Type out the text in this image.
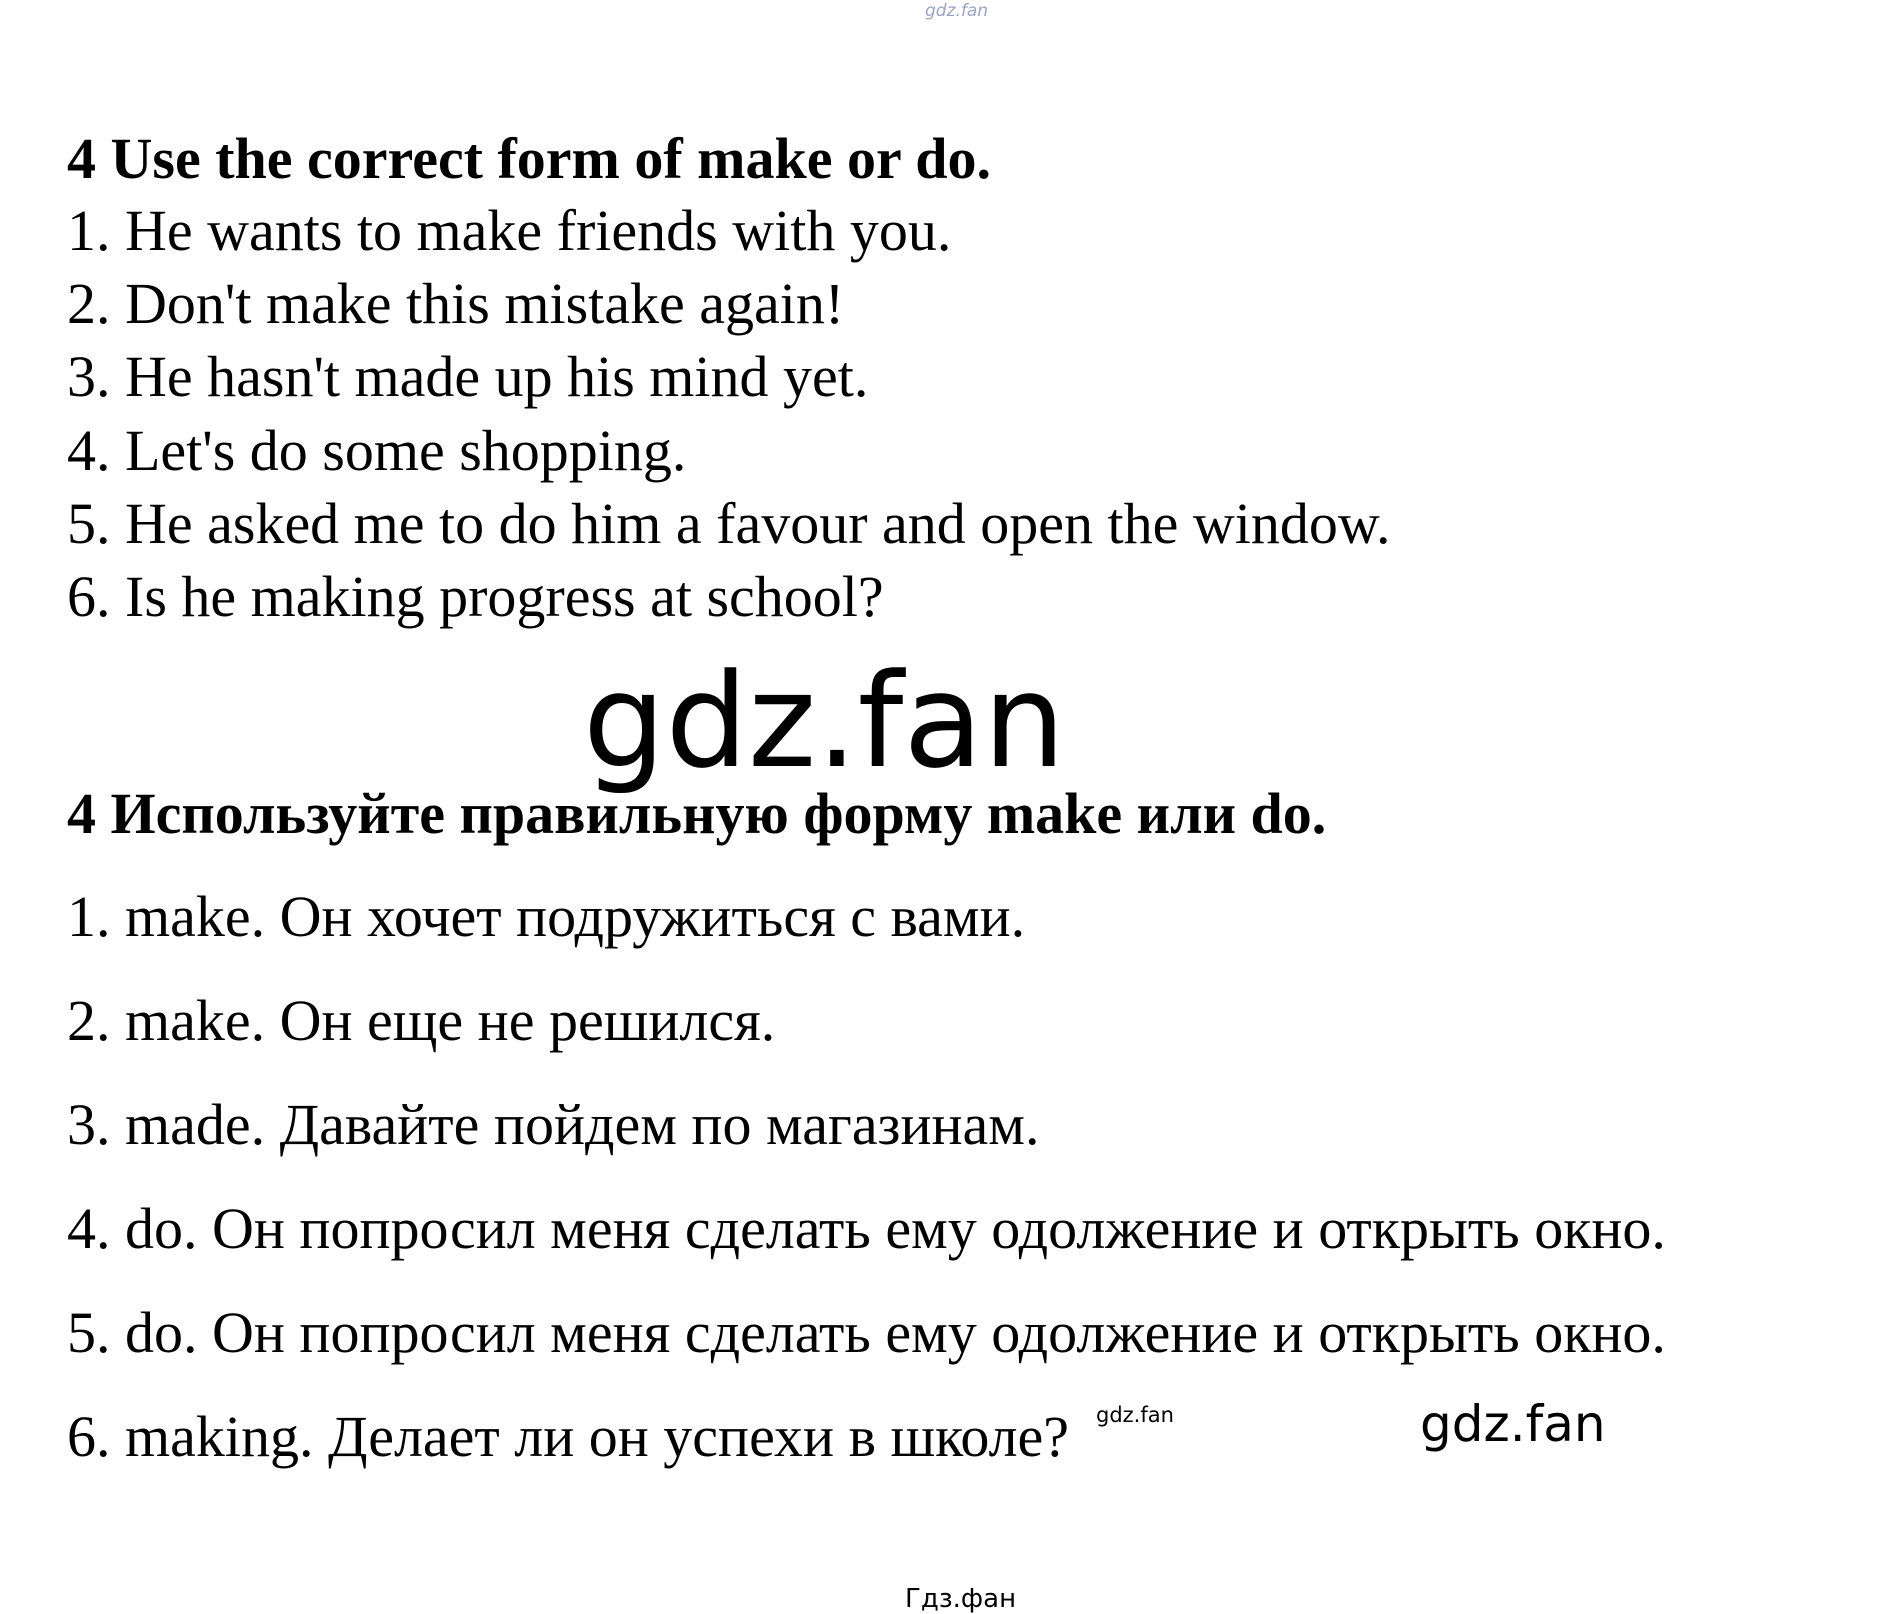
gdz.fan
4 Use the correct form of make or do.
1. He wants to make friends with you.
2. Don't make this mistake again!
3. He hasn't made up his mind yet.
4. Let's do some shopping.
5. He asked me to do him a favour and open the window.
6. Is he making progress at school?
gdz.fan
4 Используйте правильную форму make или do.
1. make. Он хочет подружиться с вами.
2. make. Он еще не решился.
3. made. Давайте пойдем по магазинам.
4. do. Он попросил меня сделать ему одолжение и открыть окно.
5. do. Он попросил меня сделать ему одолжение и открыть окно.
6. making. Делает ли он успехи в школе? gdz.fan	gdz.fan
Гдз.фан
